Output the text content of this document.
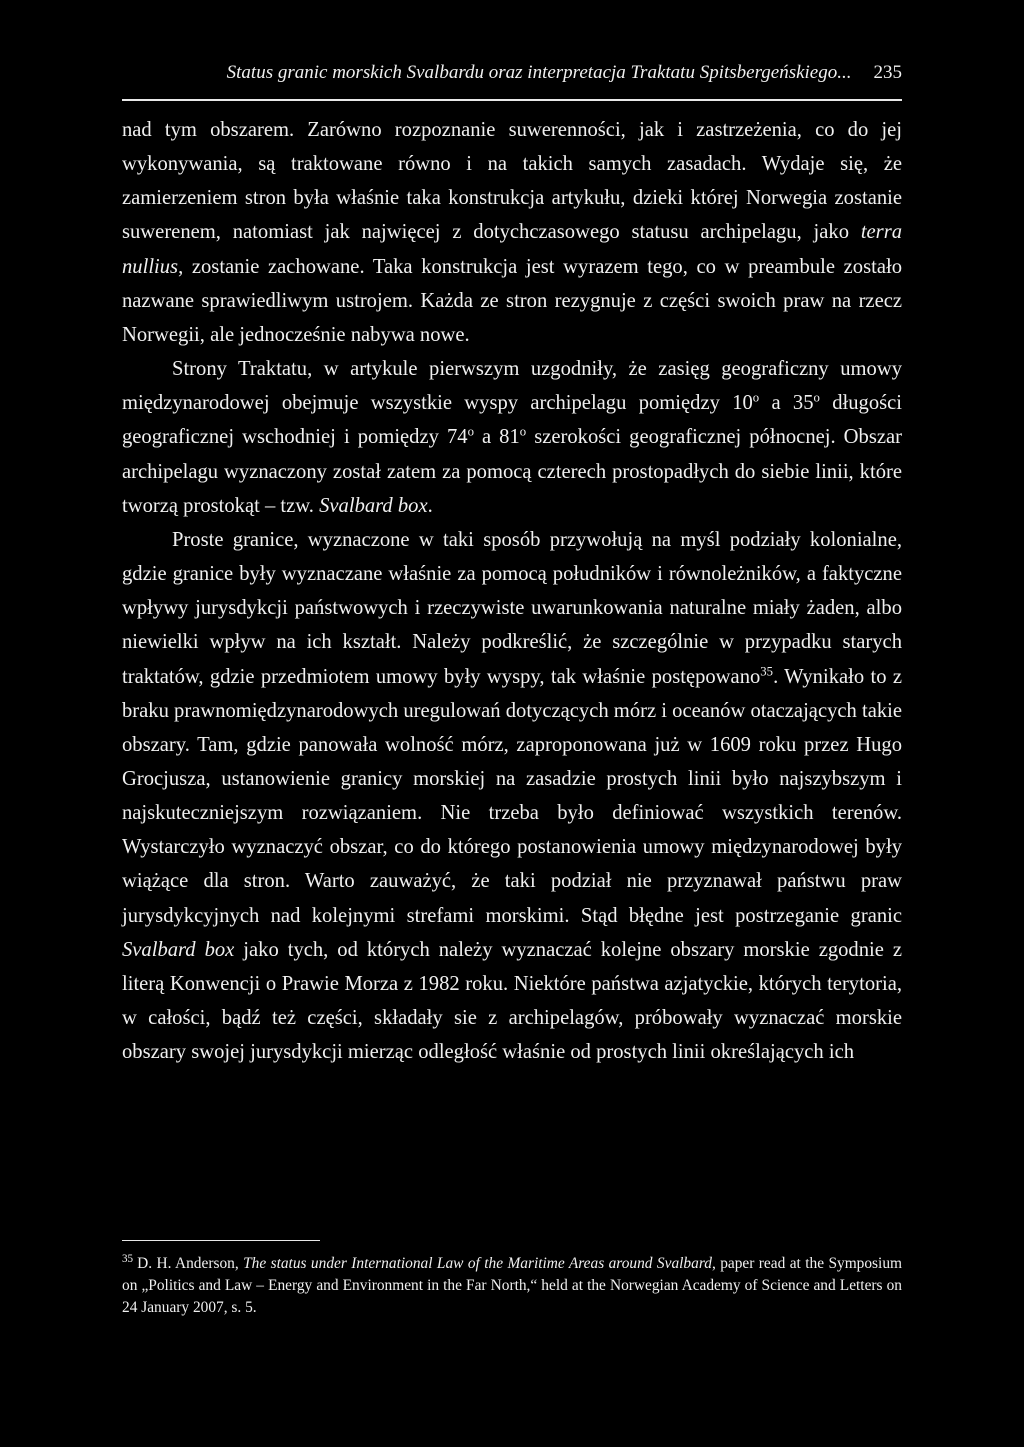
Status granic morskich Svalbardu oraz interpretacja Traktatu Spitsbergeńskiego... 235

nad tym obszarem. Zarówno rozpoznanie suwerenności, jak i zastrzeżenia, co do jej wykonywania, są traktowane równo i na takich samych zasadach. Wydaje się, że zamierzeniem stron była właśnie taka konstrukcja artykułu, dzieki której Norwegia zostanie suwerenem, natomiast jak najwięcej z dotychczasowego statusu archipelagu, jako terra nullius, zostanie zachowane. Taka konstrukcja jest wyrazem tego, co w preambule zostało nazwane sprawiedliwym ustrojem. Każda ze stron rezygnuje z części swoich praw na rzecz Norwegii, ale jednocześnie nabywa nowe.

Strony Traktatu, w artykule pierwszym uzgodniły, że zasięg geograficzny umowy międzynarodowej obejmuje wszystkie wyspy archipelagu pomiędzy 10$^o$ a 35$^o$ długości geograficznej wschodniej i pomiędzy 74$^o$ a 81$^o$ szerokości geograficznej północnej. Obszar archipelagu wyznaczony został zatem za pomocą czterech prostopadłych do siebie linii, które tworzą prostokąt – tzw. Svalbard box.

Proste granice, wyznaczone w taki sposób przywołują na myśl podziały kolonialne, gdzie granice były wyznaczane właśnie za pomocą południków i równoleżników, a faktyczne wpływy jurysdykcji państwowych i rzeczywiste uwarunkowania naturalne miały żaden, albo niewielki wpływ na ich kształt. Należy podkreślić, że szczególnie w przypadku starych traktatów, gdzie przedmiotem umowy były wyspy, tak właśnie postępowano$^{35}$. Wynikało to z braku prawnomiędzynarodowych uregulowań dotyczących mórz i oceanów otaczających takie obszary. Tam, gdzie panowała wolność mórz, zaproponowana już w 1609 roku przez Hugo Grocjusza, ustanowienie granicy morskiej na zasadzie prostych linii było najszybszym i najskuteczniejszym rozwiązaniem. Nie trzeba było definiować wszystkich terenów. Wystarczyło wyznaczyć obszar, co do którego postanowienia umowy międzynarodowej były wiążące dla stron. Warto zauważyć, że taki podział nie przyznawał państwu praw jurysdykcyjnych nad kolejnymi strefami morskimi. Stąd błędne jest postrzeganie granic Svalbard box jako tych, od których należy wyznaczać kolejne obszary morskie zgodnie z literą Konwencji o Prawie Morza z 1982 roku. Niektóre państwa azjatyckie, których terytoria, w całości, bądź też części, składały sie z archipelagów, próbowały wyznaczać morskie obszary swojej jurysdykcji mierząc odległość właśnie od prostych linii określających ich

$^{35}$ D. H. Anderson, The status under International Law of the Maritime Areas around Svalbard, paper read at the Symposium on „Politics and Law – Energy and Environment in the Far North,“ held at the Norwegian Academy of Science and Letters on 24 January 2007, s. 5.
